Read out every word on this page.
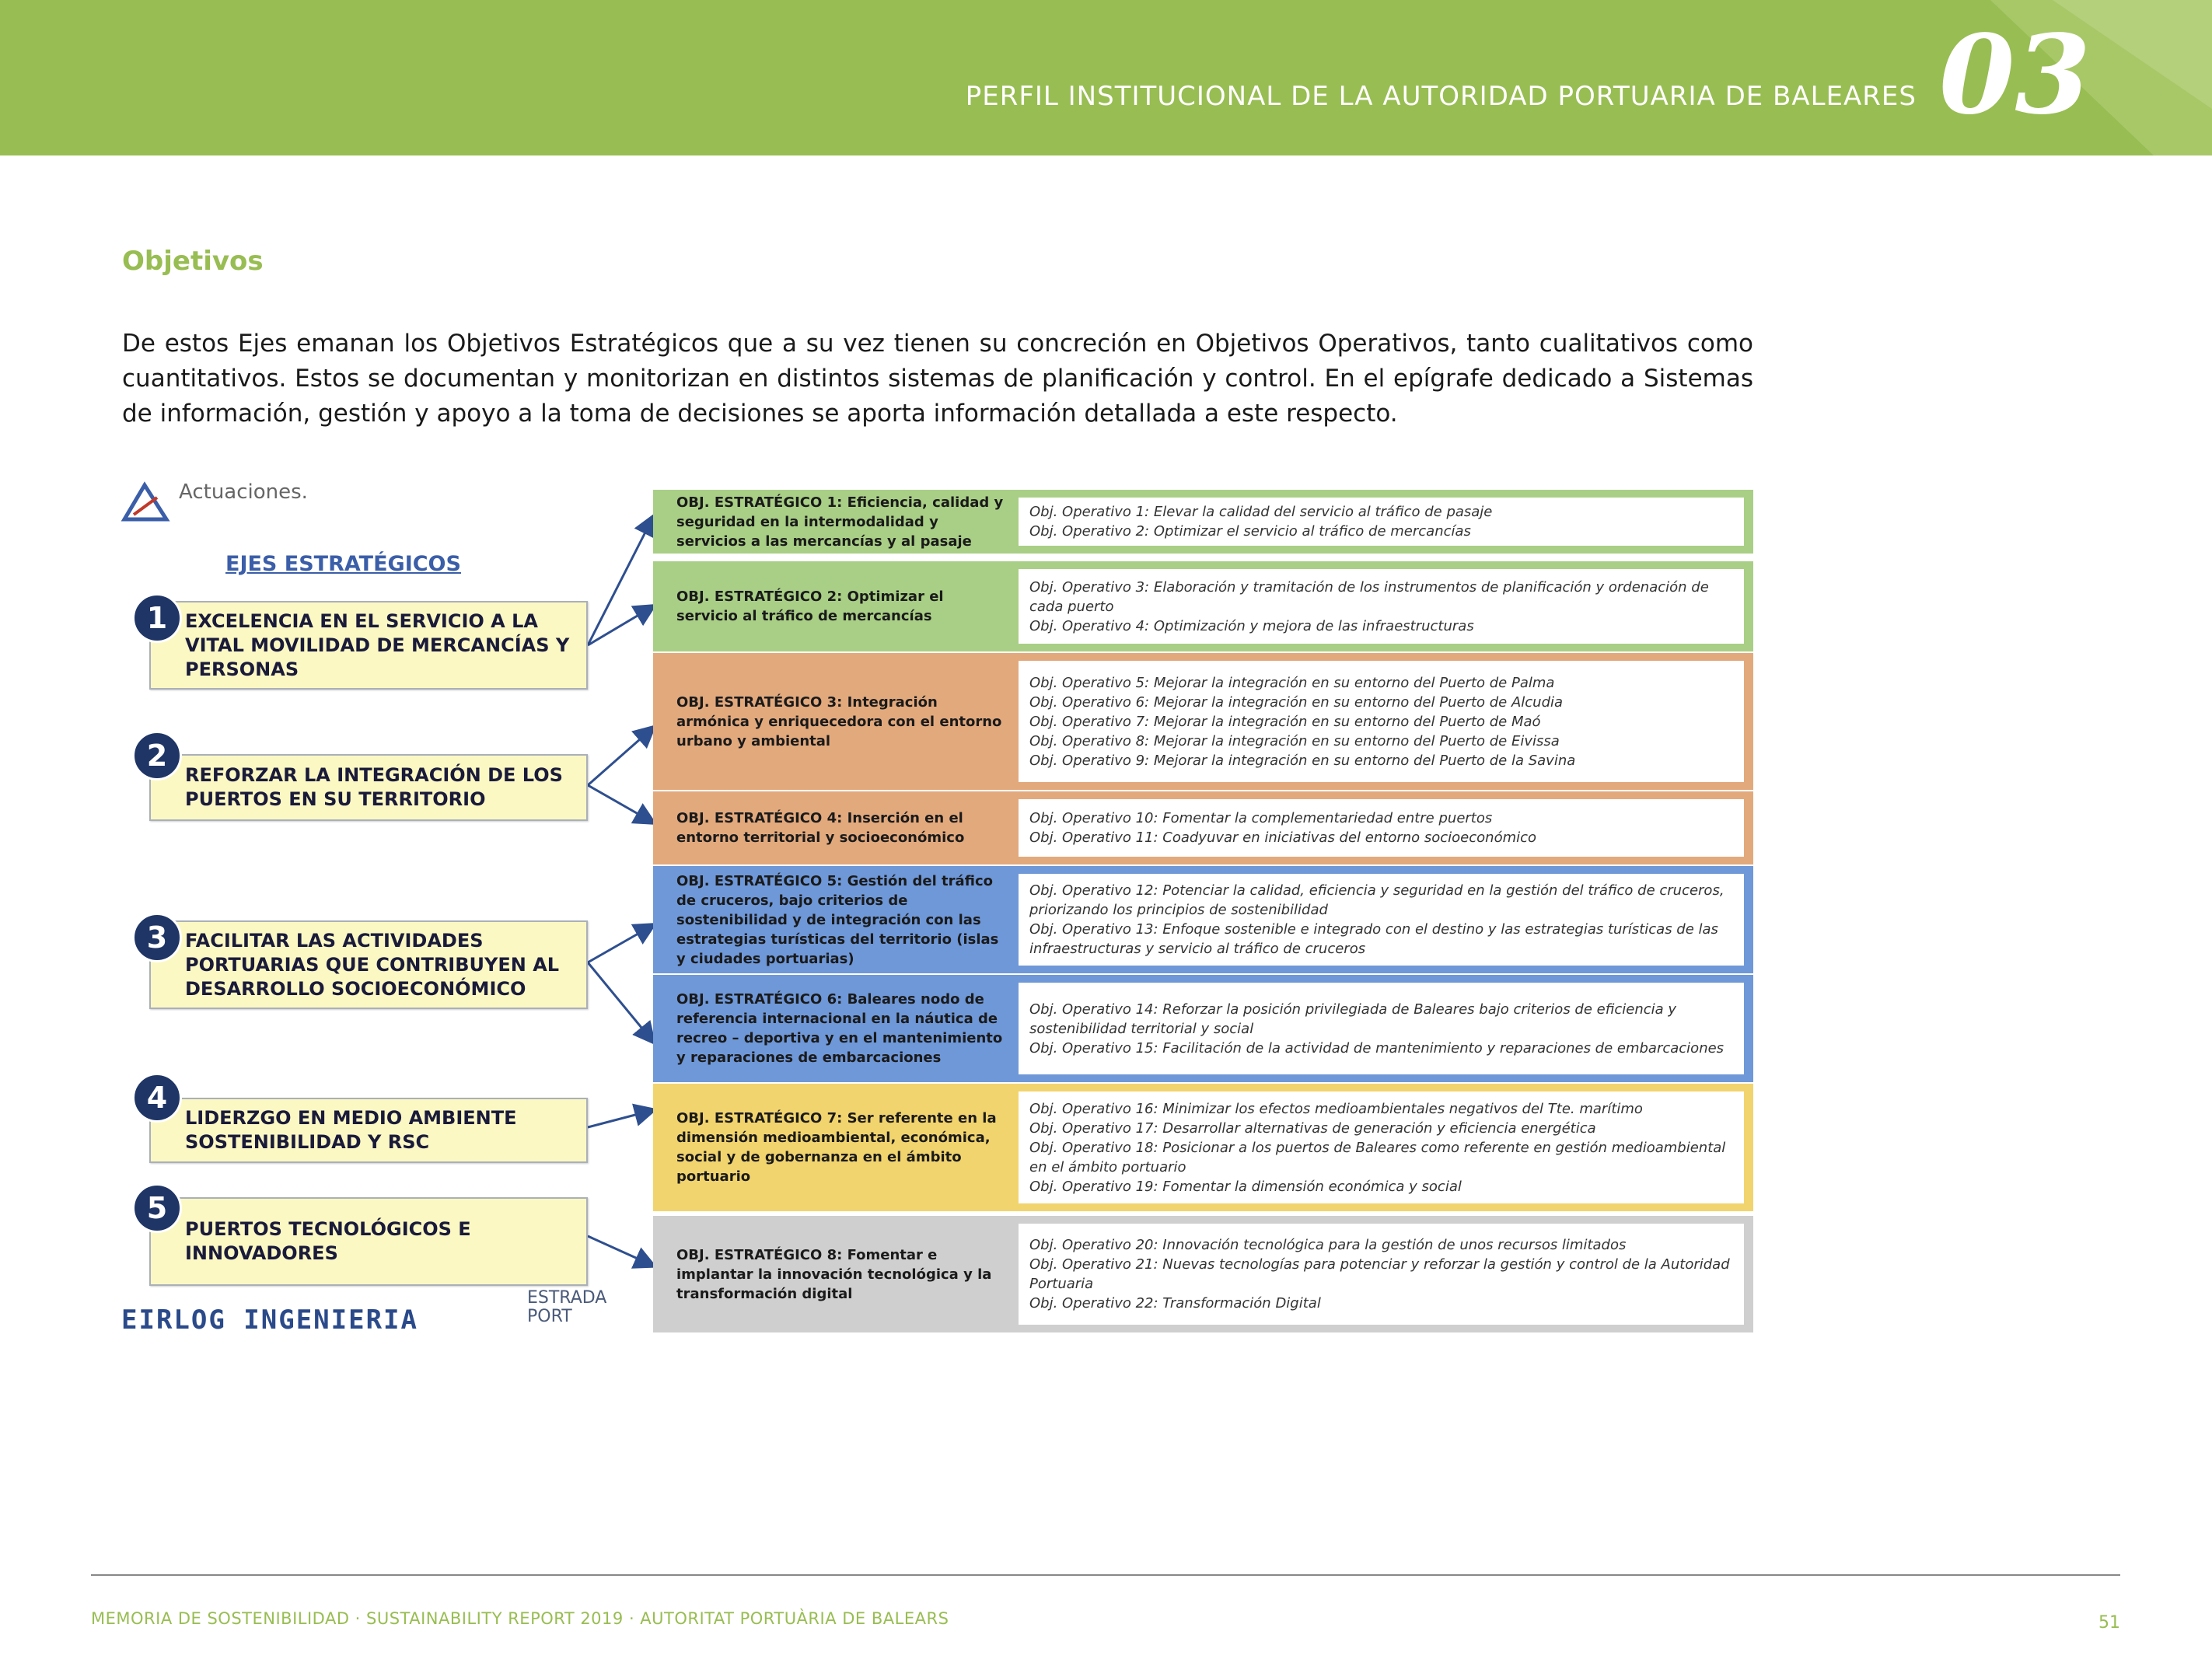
PERFIL INSTITUCIONAL DE LA AUTORIDAD PORTUARIA DE BALEARES 03
Objetivos
De estos Ejes emanan los Objetivos Estratégicos que a su vez tienen su concreción en Objetivos Operativos, tanto cualitativos como cuantitativos. Estos se documentan y monitorizan en distintos sistemas de planificación y control. En el epígrafe dedicado a Sistemas de información, gestión y apoyo a la toma de decisiones se aporta información detallada a este respecto.
Actuaciones.
EJES ESTRATÉGICOS
EXCELENCIA EN EL SERVICIO A LA VITAL MOVILIDAD DE MERCANCÍAS Y PERSONAS
1
REFORZAR LA INTEGRACIÓN DE LOS PUERTOS EN SU TERRITORIO
2
FACILITAR LAS ACTIVIDADES PORTUARIAS QUE CONTRIBUYEN AL DESARROLLO SOCIOECONÓMICO
3
LIDERZGO EN MEDIO AMBIENTE SOSTENIBILIDAD Y RSC
4
PUERTOS TECNOLÓGICOS E INNOVADORES
5
OBJ. ESTRATÉGICO 1: Eficiencia, calidad y seguridad en la intermodalidad y servicios a las mercancías y al pasaje
Obj. Operativo 1: Elevar la calidad del servicio al tráfico de pasaje
Obj. Operativo 2: Optimizar el servicio al tráfico de mercancías
OBJ. ESTRATÉGICO 2: Optimizar el servicio al tráfico de mercancías
Obj. Operativo 3: Elaboración y tramitación de los instrumentos de planificación y ordenación de cada puerto
Obj. Operativo 4: Optimización y mejora de las infraestructuras
OBJ. ESTRATÉGICO 3: Integración armónica y enriquecedora con el entorno urbano y ambiental
Obj. Operativo 5: Mejorar la integración en su entorno del Puerto de Palma
Obj. Operativo 6: Mejorar la integración en su entorno del Puerto de Alcudia
Obj. Operativo 7: Mejorar la integración en su entorno del Puerto de Maó
Obj. Operativo 8: Mejorar la integración en su entorno del Puerto de Eivissa
Obj. Operativo 9: Mejorar la integración en su entorno del Puerto de la Savina
OBJ. ESTRATÉGICO 4: Inserción en el entorno territorial y socioeconómico
Obj. Operativo 10: Fomentar la complementariedad entre puertos
Obj. Operativo 11: Coadyuvar en iniciativas del entorno socioeconómico
OBJ. ESTRATÉGICO 5: Gestión del tráfico de cruceros, bajo criterios de sostenibilidad y de integración con las estrategias turísticas del territorio (islas y ciudades portuarias)
Obj. Operativo 12: Potenciar la calidad, eficiencia y seguridad en la gestión del tráfico de cruceros, priorizando los principios de sostenibilidad
Obj. Operativo 13: Enfoque sostenible e integrado con el destino y las estrategias turísticas de las infraestructuras y servicio al tráfico de cruceros
OBJ. ESTRATÉGICO 6: Baleares nodo de referencia internacional en la náutica de recreo – deportiva y en el mantenimiento y reparaciones de embarcaciones
Obj. Operativo 14: Reforzar la posición privilegiada de Baleares bajo criterios de eficiencia y sostenibilidad territorial y social
Obj. Operativo 15: Facilitación de la actividad de mantenimiento y reparaciones de embarcaciones
OBJ. ESTRATÉGICO 7: Ser referente en la dimensión medioambiental, económica, social y de gobernanza en el ámbito portuario
Obj. Operativo 16: Minimizar los efectos medioambientales negativos del Tte. marítimo
Obj. Operativo 17: Desarrollar alternativas de generación y eficiencia energética
Obj. Operativo 18: Posicionar a los puertos de Baleares como referente en gestión medioambiental en el ámbito portuario
Obj. Operativo 19: Fomentar la dimensión económica y social
OBJ. ESTRATÉGICO 8: Fomentar e implantar la innovación tecnológica y la transformación digital
Obj. Operativo 20: Innovación tecnológica para la gestión de unos recursos limitados
Obj. Operativo 21: Nuevas tecnologías para potenciar y reforzar la gestión y control de la Autoridad Portuaria
Obj. Operativo 22: Transformación Digital
EIRLOG INGENIERIA
ESTRADA
PORT
MEMORIA DE SOSTENIBILIDAD · SUSTAINABILITY REPORT 2019 · AUTORITAT PORTUÀRIA DE BALEARS	51
